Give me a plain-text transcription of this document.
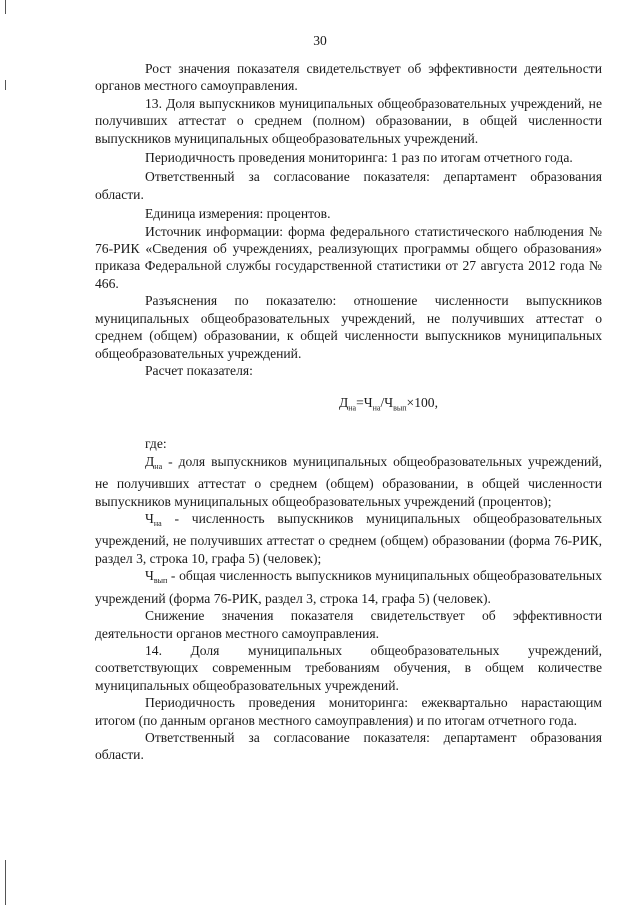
30

Рост значения показателя свидетельствует об эффективности деятельности органов местного самоуправления.

13. Доля выпускников муниципальных общеобразовательных учреждений, не получивших аттестат о среднем (полном) образовании, в общей численности выпускников муниципальных общеобразовательных учреждений.

Периодичность проведения мониторинга: 1 раз по итогам отчетного года.

Ответственный за согласование показателя: департамент образования области.

Единица измерения: процентов.

Источник информации: форма федерального статистического наблюдения № 76-РИК «Сведения об учреждениях, реализующих программы общего образования» приказа Федеральной службы государственной статистики от 27 августа 2012 года № 466.

Разъяснения по показателю: отношение численности выпускников муниципальных общеобразовательных учреждений, не получивших аттестат о среднем (общем) образовании, к общей численности выпускников муниципальных общеобразовательных учреждений.

Расчет показателя:

$Д_{на}=Ч_{на}/Ч_{вып}\times 100$,

где:

$Д_{на}$ - доля выпускников муниципальных общеобразовательных учреждений, не получивших аттестат о среднем (общем) образовании, в общей численности выпускников муниципальных общеобразовательных учреждений (процентов);

$Ч_{на}$ - численность выпускников муниципальных общеобразовательных учреждений, не получивших аттестат о среднем (общем) образовании (форма 76-РИК, раздел 3, строка 10, графа 5) (человек);

$Ч_{вып}$ - общая численность выпускников муниципальных общеобразовательных учреждений (форма 76-РИК, раздел 3, строка 14, графа 5) (человек).

Снижение значения показателя свидетельствует об эффективности деятельности органов местного самоуправления.

14. Доля муниципальных общеобразовательных учреждений, соответствующих современным требованиям обучения, в общем количестве муниципальных общеобразовательных учреждений.

Периодичность проведения мониторинга: ежеквартально нарастающим итогом (по данным органов местного самоуправления) и по итогам отчетного года.

Ответственный за согласование показателя: департамент образования области.
